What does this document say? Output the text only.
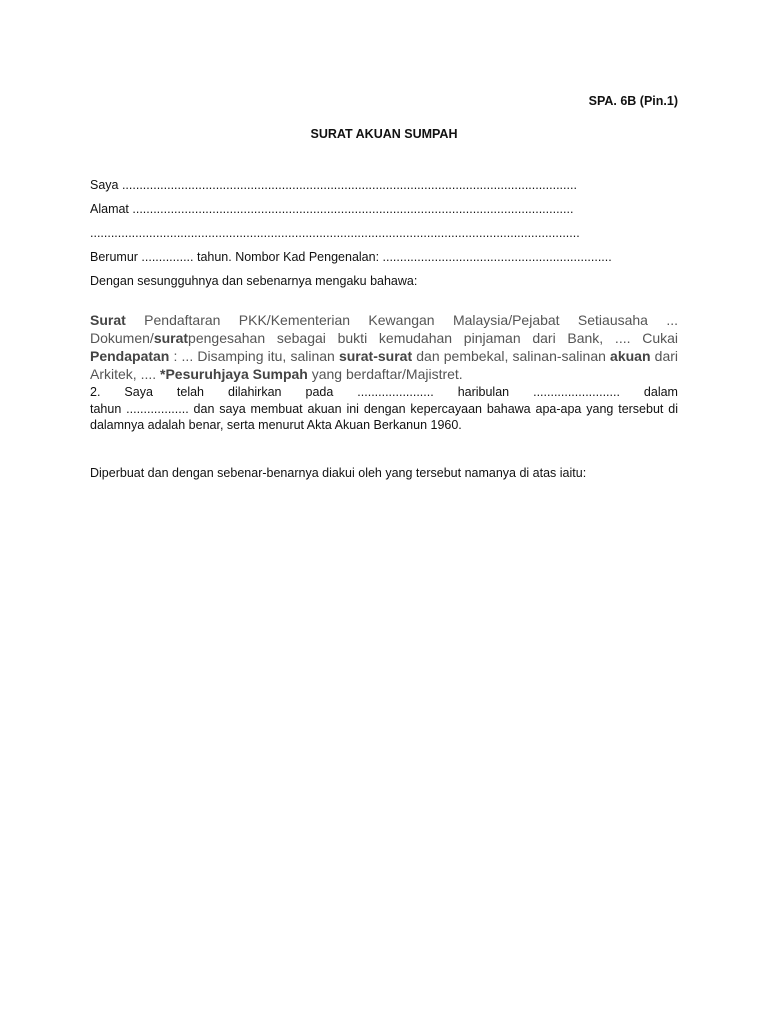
SPA. 6B (Pin.1)
SURAT AKUAN SUMPAH
Saya ...................................................................................................................................
Alamat ...............................................................................................................................
.............................................................................................................................................
Berumur ............... tahun. Nombor Kad Pengenalan: ..................................................................
Dengan sesungguhnya dan sebenarnya mengaku bahawa:
Surat Pendaftaran PKK/Kementerian Kewangan Malaysia/Pejabat Setiausaha ... Dokumen/suratpengesahan sebagai bukti kemudahan pinjaman dari Bank, .... Cukai Pendapatan : ... Disamping itu, salinan surat-surat dan pembekal, salinan-salinan akuan dari Arkitek, .... *Pesuruhjaya Sumpah yang berdaftar/Majistret.
2. Saya telah dilahirkan pada ...................... haribulan ......................... dalam
tahun .................. dan saya membuat akuan ini dengan kepercayaan bahawa apa-apa yang tersebut di dalamnya adalah benar, serta menurut Akta Akuan Berkanun 1960.
Diperbuat dan dengan sebenar-benarnya diakui oleh yang tersebut namanya di atas iaitu:
